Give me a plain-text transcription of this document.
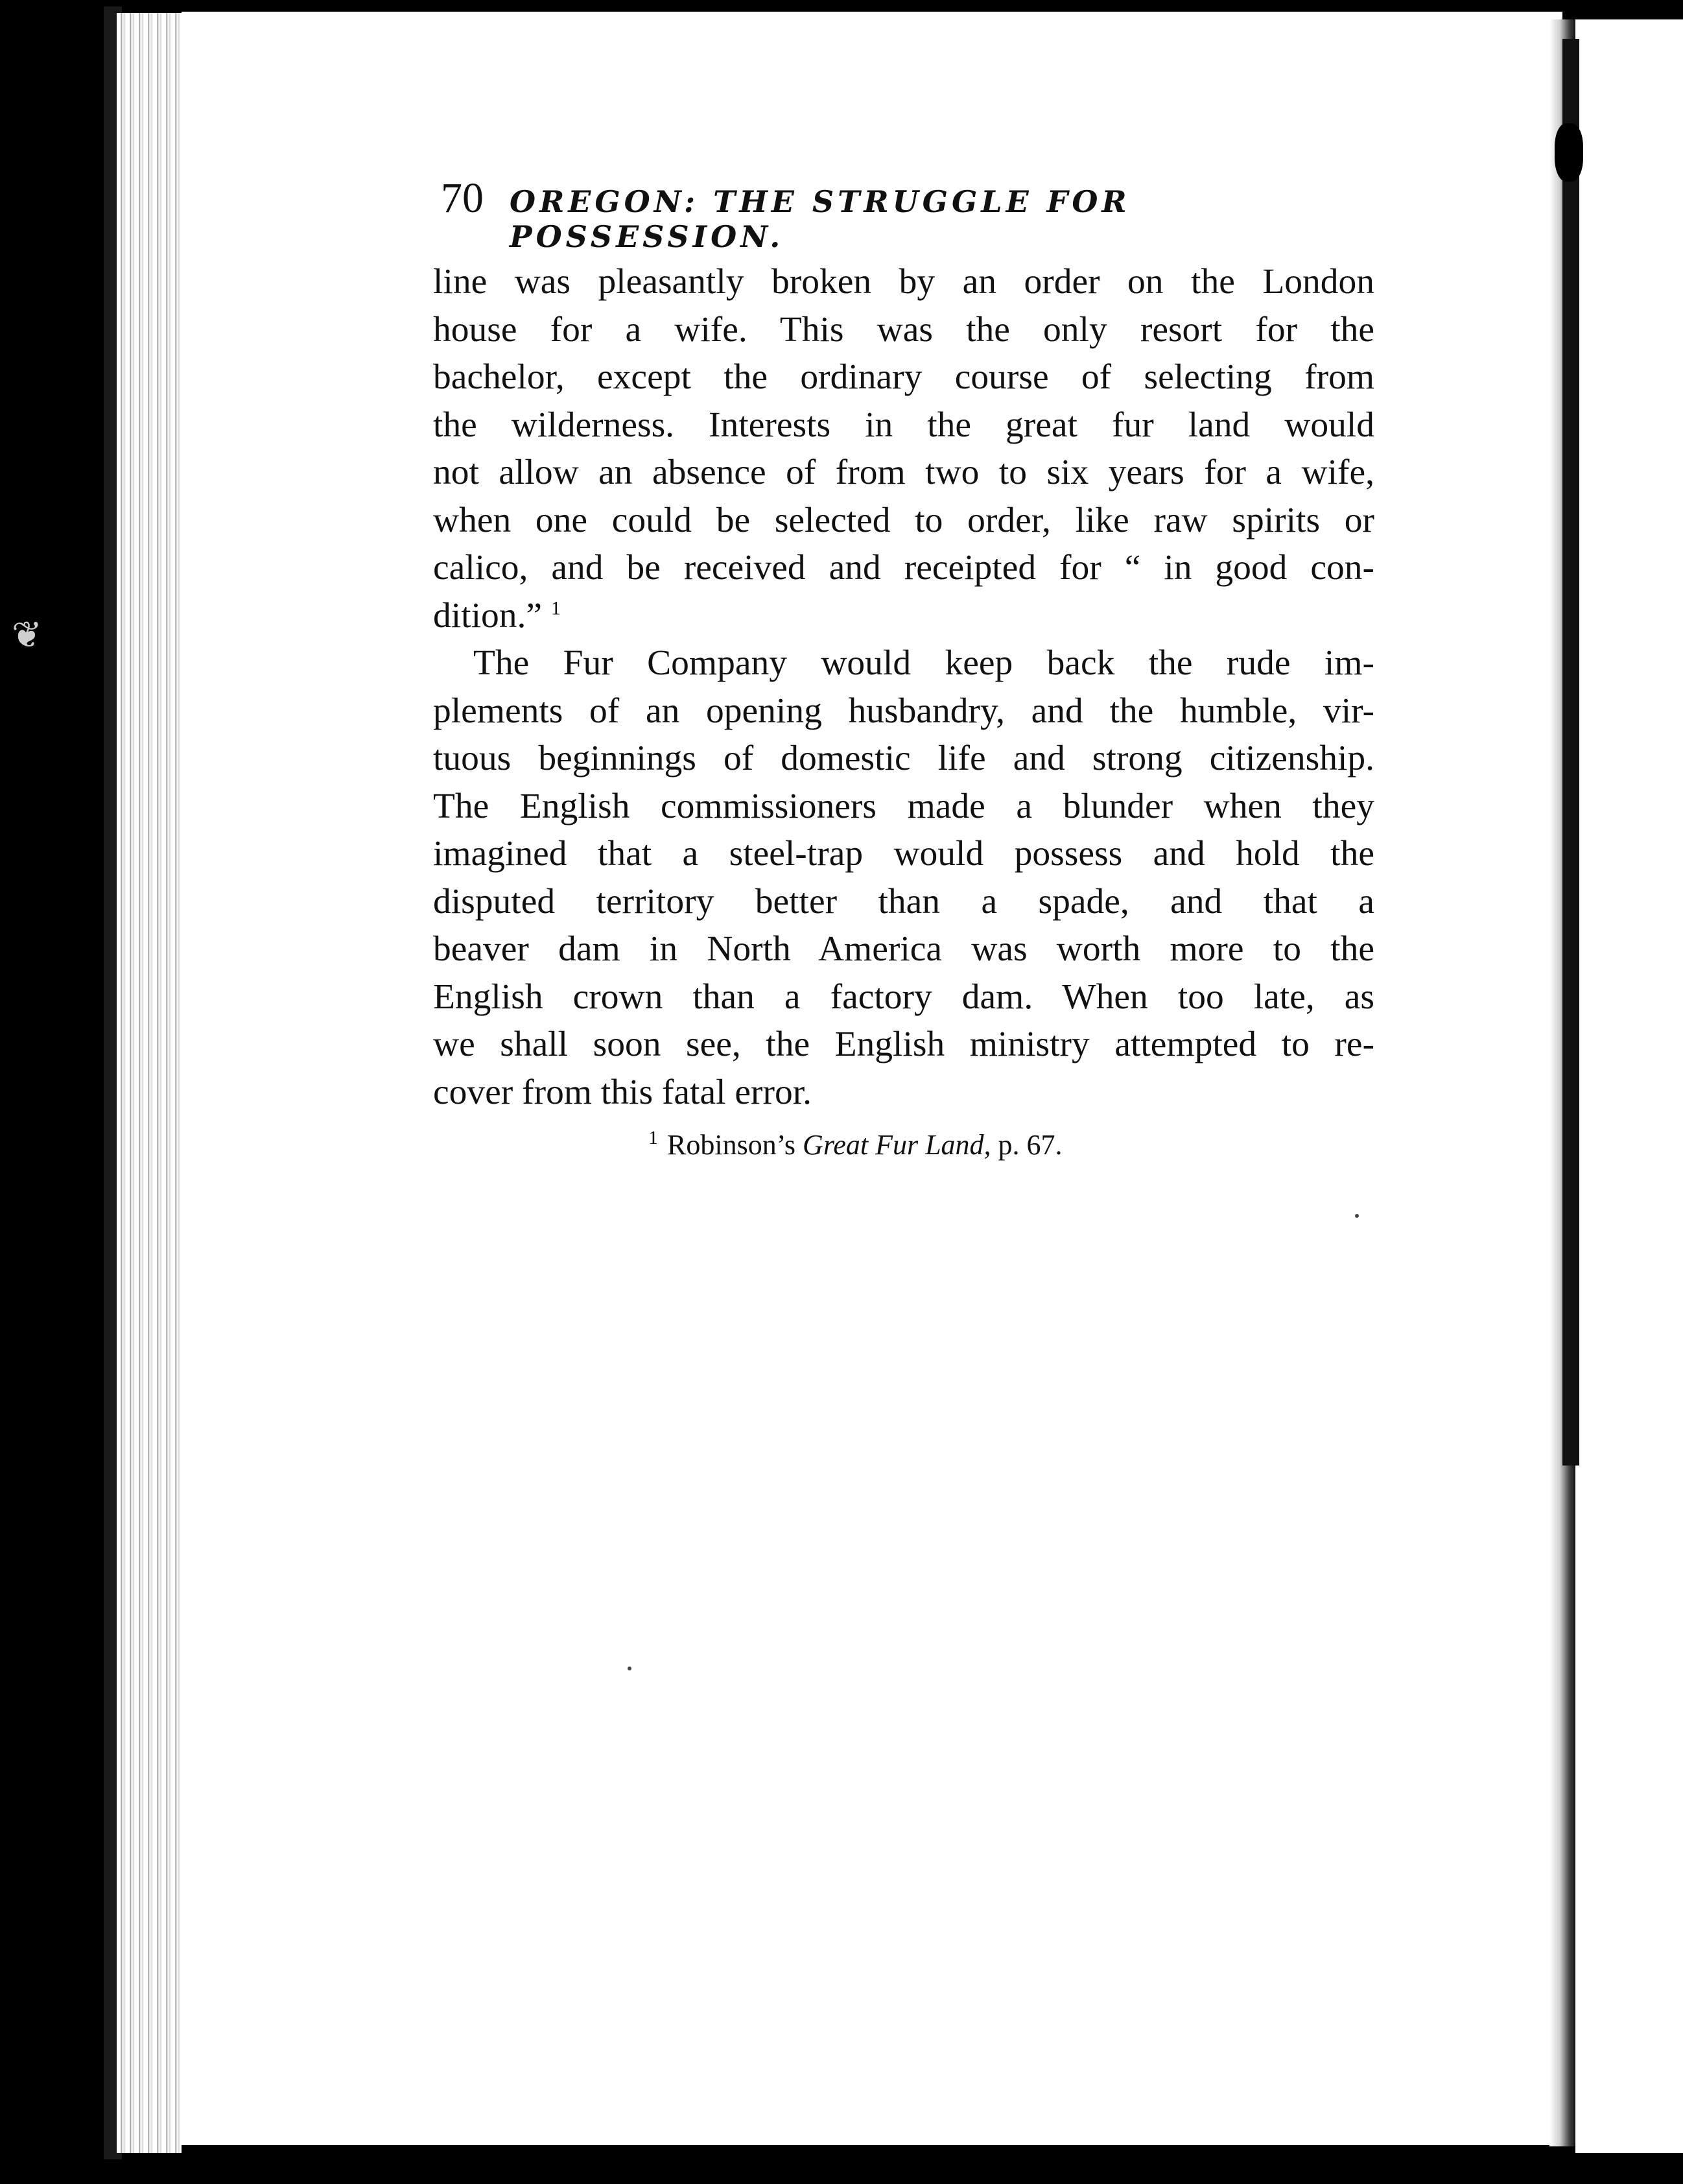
❦
70 OREGON: THE STRUGGLE FOR POSSESSION.

line was pleasantly broken by an order on the London
house for a wife. This was the only resort for the
bachelor, except the ordinary course of selecting from
the wilderness. Interests in the great fur land would
not allow an absence of from two to six years for a wife,
when one could be selected to order, like raw spirits or
calico, and be received and receipted for “ in good con-
dition.” $^1$

The Fur Company would keep back the rude im-

plements of an opening husbandry, and the humble, vir-
tuous beginnings of domestic life and strong citizenship.
The English commissioners made a blunder when they
imagined that a steel-trap would possess and hold the
disputed territory better than a spade, and that a
beaver dam in North America was worth more to the
English crown than a factory dam. When too late, as
we shall soon see, the English ministry attempted to re-
cover from this fatal error.

$^1$ Robinson’s Great Fur Land, p. 67.
